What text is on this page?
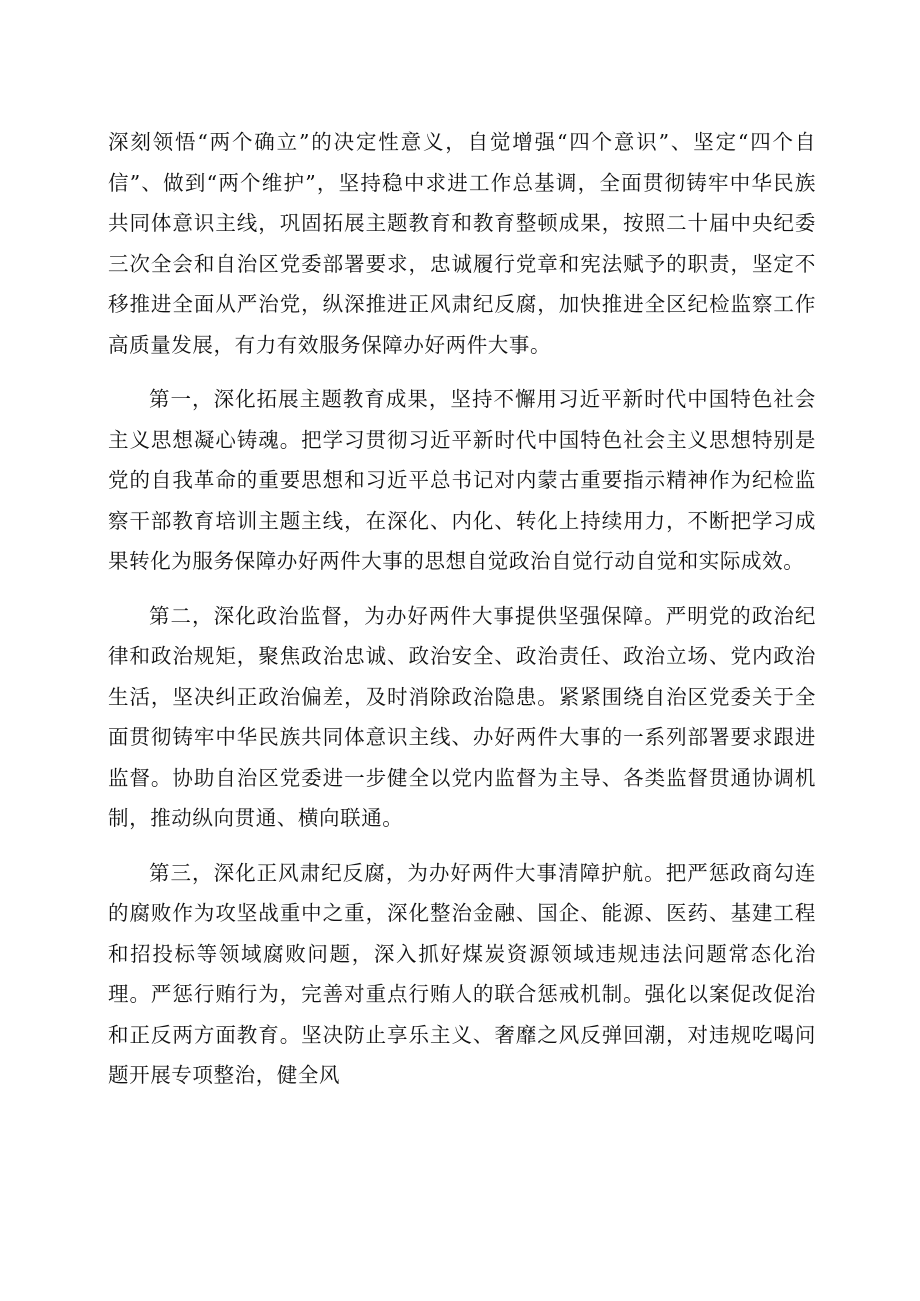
深刻领悟“两个确立”的决定性意义，自觉增强“四个意识”、坚定“四个自信”、做到“两个维护”，坚持稳中求进工作总基调，全面贯彻铸牢中华民族共同体意识主线，巩固拓展主题教育和教育整顿成果，按照二十届中央纪委三次全会和自治区党委部署要求，忠诚履行党章和宪法赋予的职责，坚定不移推进全面从严治党，纵深推进正风肃纪反腐，加快推进全区纪检监察工作高质量发展，有力有效服务保障办好两件大事。

第一，深化拓展主题教育成果，坚持不懈用习近平新时代中国特色社会主义思想凝心铸魂。把学习贯彻习近平新时代中国特色社会主义思想特别是党的自我革命的重要思想和习近平总书记对内蒙古重要指示精神作为纪检监察干部教育培训主题主线，在深化、内化、转化上持续用力，不断把学习成果转化为服务保障办好两件大事的思想自觉政治自觉行动自觉和实际成效。

第二，深化政治监督，为办好两件大事提供坚强保障。严明党的政治纪律和政治规矩，聚焦政治忠诚、政治安全、政治责任、政治立场、党内政治生活，坚决纠正政治偏差，及时消除政治隐患。紧紧围绕自治区党委关于全面贯彻铸牢中华民族共同体意识主线、办好两件大事的一系列部署要求跟进监督。协助自治区党委进一步健全以党内监督为主导、各类监督贯通协调机制，推动纵向贯通、横向联通。

第三，深化正风肃纪反腐，为办好两件大事清障护航。把严惩政商勾连的腐败作为攻坚战重中之重，深化整治金融、国企、能源、医药、基建工程和招投标等领域腐败问题，深入抓好煤炭资源领域违规违法问题常态化治理。严惩行贿行为，完善对重点行贿人的联合惩戒机制。强化以案促改促治和正反两方面教育。坚决防止享乐主义、奢靡之风反弹回潮，对违规吃喝问题开展专项整治，健全风
